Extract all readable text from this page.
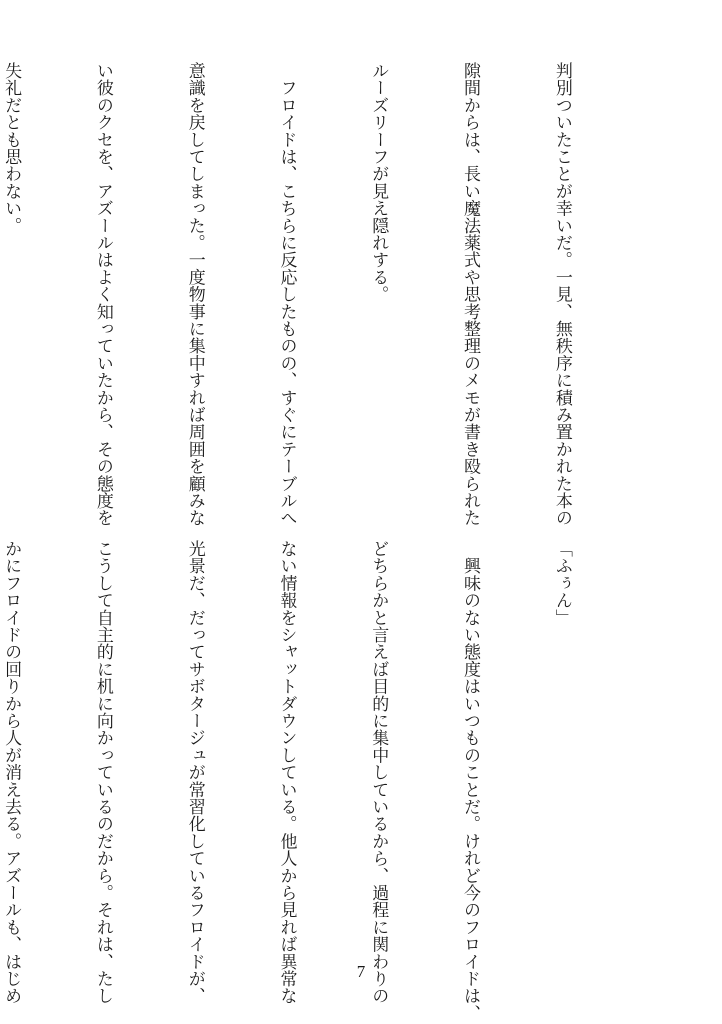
判別ついたことが幸いだ。一見、無秩序に積み置かれた本の

隙間からは、長い魔法薬式や思考整理のメモが書き殴られた

ルーズリーフが見え隠れする。

　フロイドは、こちらに反応したものの、すぐにテーブルへ

意識を戻してしまった。一度物事に集中すれば周囲を顧みな

い彼のクセを、アズールはよく知っていたから、その態度を

失礼だとも思わない。

「ふぅん」

　興味のない態度はいつものことだ。けれど今のフロイドは、

どちらかと言えば目的に集中しているから、過程に関わりの

ない情報をシャットダウンしている。他人から見れば異常な

光景だ、だってサボタージュが常習化しているフロイドが、

こうして自主的に机に向かっているのだから。それは、たし

かにフロイドの回りから人が消え去る。アズールも、はじめ

	7
